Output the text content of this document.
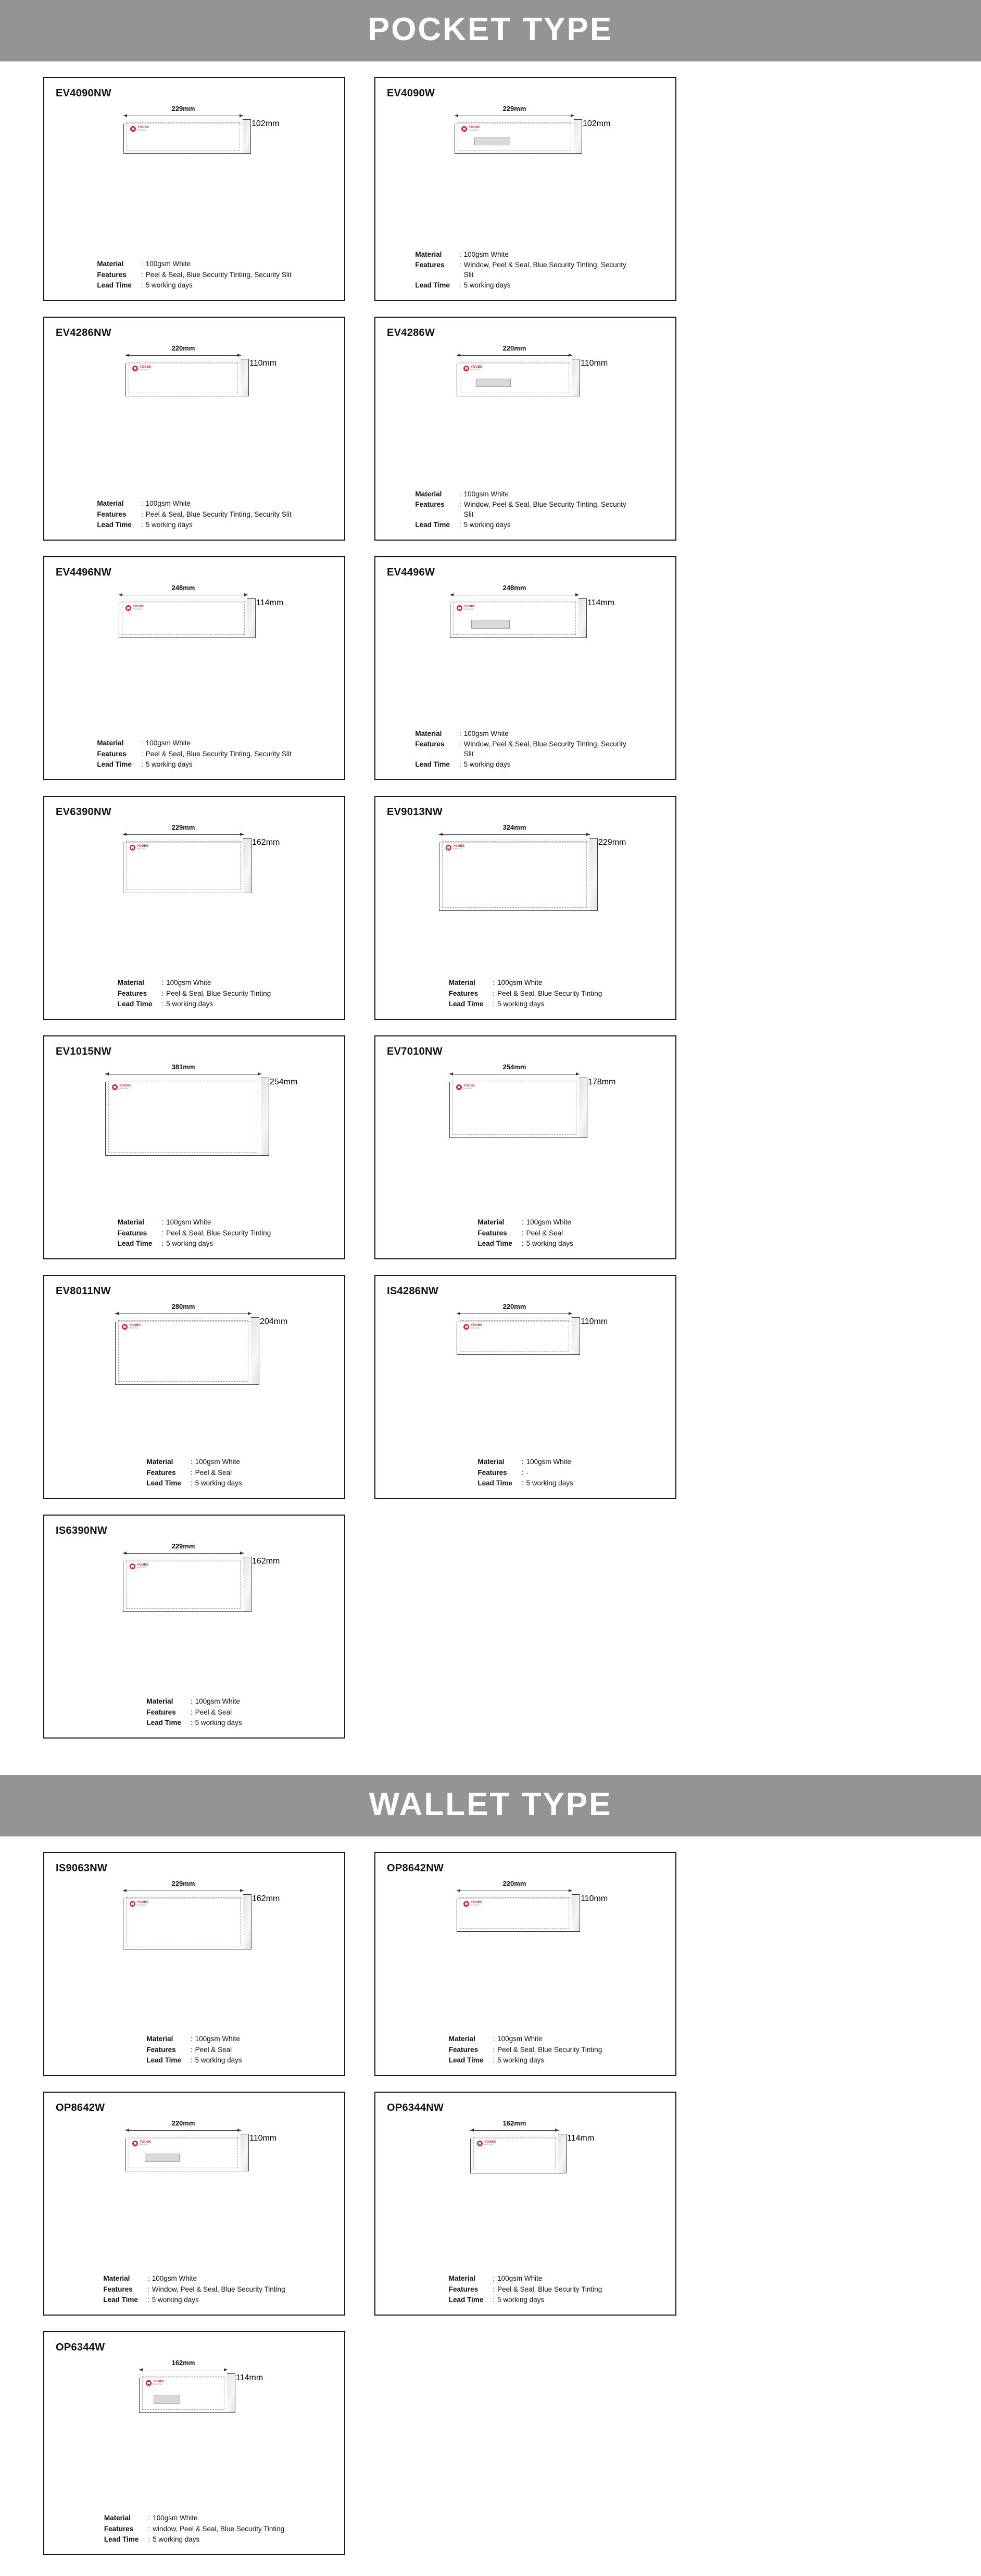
POCKET TYPE
EV4090NW
229mm
YOUBE
PRINTING
102mm
Material	:	100gsm White
Features	:	Peel & Seal, Blue Security Tinting, Security Slit
Lead Time	:	5 working days
EV4090W
229mm
YOUBE
PRINTING
102mm
Material	:	100gsm White
Features	:	Window, Peel & Seal, Blue Security Tinting, Security Slit
Lead Time	:	5 working days
EV4286NW
220mm
YOUBE
PRINTING
110mm
Material	:	100gsm White
Features	:	Peel & Seal, Blue Security Tinting, Security Slit
Lead Time	:	5 working days
EV4286W
220mm
YOUBE
PRINTING
110mm
Material	:	100gsm White
Features	:	Window, Peel & Seal, Blue Security Tinting, Security Slit
Lead Time	:	5 working days
EV4496NW
248mm
YOUBE
PRINTING
114mm
Material	:	100gsm White
Features	:	Peel & Seal, Blue Security Tinting, Security Slit
Lead Time	:	5 working days
EV4496W
248mm
YOUBE
PRINTING
114mm
Material	:	100gsm White
Features	:	Window, Peel & Seal, Blue Security Tinting, Security Slit
Lead Time	:	5 working days
EV6390NW
229mm
YOUBE
PRINTING
162mm
Material	:	100gsm White
Features	:	Peel & Seal, Blue Security Tinting
Lead Time	:	5 working days
EV9013NW
324mm
YOUBE
PRINTING
229mm
Material	:	100gsm White
Features	:	Peel & Seal, Blue Security Tinting
Lead Time	:	5 working days
EV1015NW
381mm
YOUBE
PRINTING
254mm
Material	:	100gsm White
Features	:	Peel & Seal, Blue Security Tinting
Lead Time	:	5 working days
EV7010NW
254mm
YOUBE
PRINTING
178mm
Material	:	100gsm White
Features	:	Peel & Seal
Lead Time	:	5 working days
EV8011NW
280mm
YOUBE
PRINTING
204mm
Material	:	100gsm White
Features	:	Peel & Seal
Lead Time	:	5 working days
IS4286NW
220mm
YOUBE
PRINTING
110mm
Material	:	100gsm White
Features	:	-
Lead Time	:	5 working days
IS6390NW
229mm
YOUBE
PRINTING
162mm
Material	:	100gsm White
Features	:	Peel & Seal
Lead Time	:	5 working days
WALLET TYPE
IS9063NW
229mm
YOUBE
PRINTING
162mm
Material	:	100gsm White
Features	:	Peel & Seal
Lead Time	:	5 working days
OP8642NW
220mm
YOUBE
PRINTING
110mm
Material	:	100gsm White
Features	:	Peel & Seal, Blue Security Tinting
Lead Time	:	5 working days
OP8642W
220mm
YOUBE
PRINTING
110mm
Material	:	100gsm White
Features	:	Window, Peel & Seal, Blue Security Tinting
Lead Time	:	5 working days
OP6344NW
162mm
YOUBE
PRINTING
114mm
Material	:	100gsm White
Features	:	Peel & Seal, Blue Security Tinting
Lead Time	:	5 working days
OP6344W
162mm
YOUBE
PRINTING
114mm
Material	:	100gsm White
Features	:	window, Peel & Seal, Blue Security Tinting
Lead Time	:	5 working days
